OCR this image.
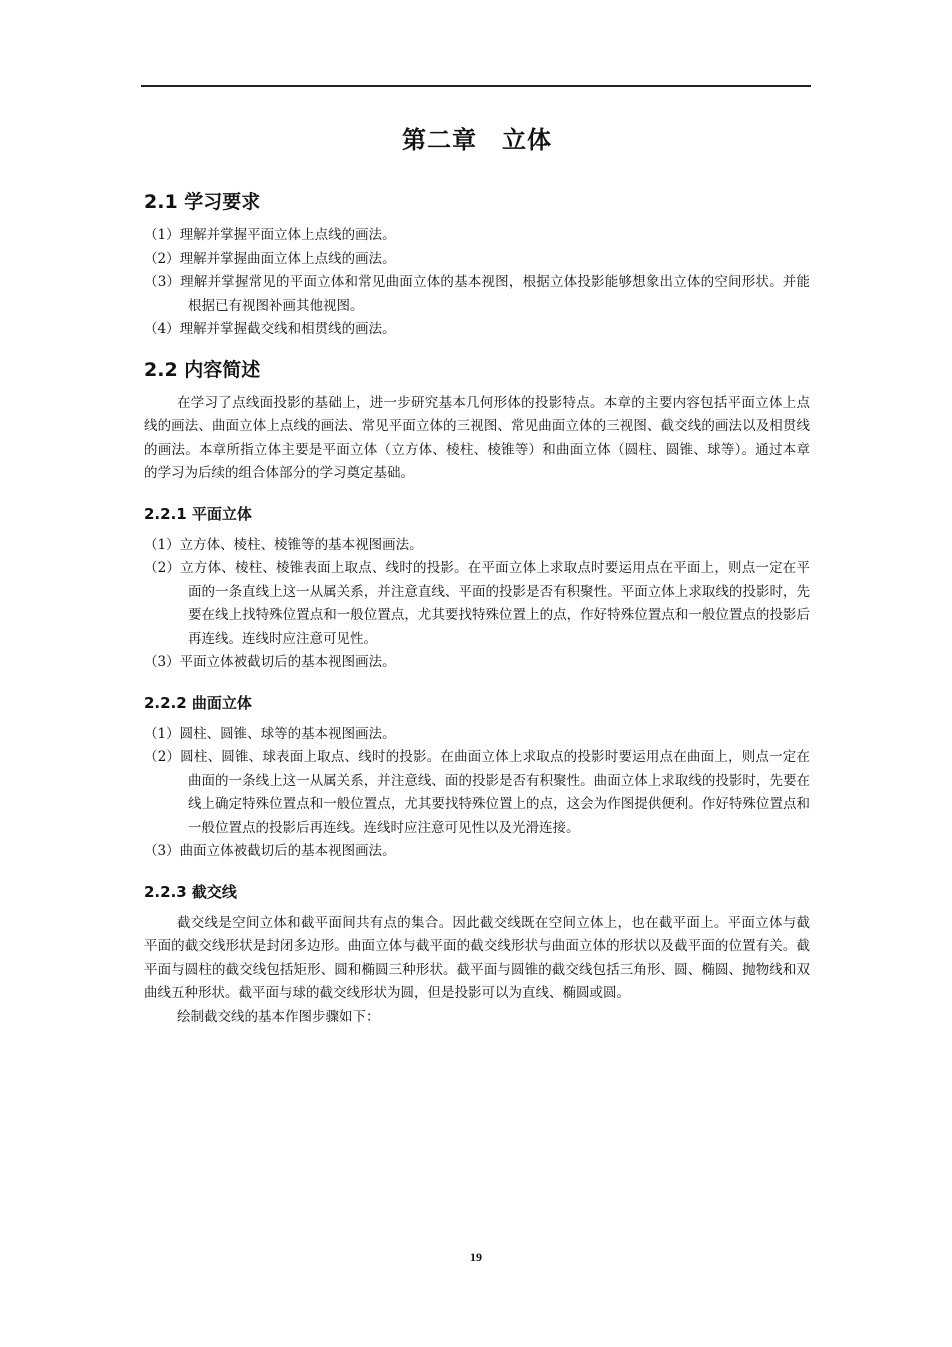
第二章　立体
2.1 学习要求
（1）理解并掌握平面立体上点线的画法。
（2）理解并掌握曲面立体上点线的画法。
（3）理解并掌握常见的平面立体和常见曲面立体的基本视图，根据立体投影能够想象出立体的空间形状。并能根据已有视图补画其他视图。
（4）理解并掌握截交线和相贯线的画法。
2.2 内容简述

在学习了点线面投影的基础上，进一步研究基本几何形体的投影特点。本章的主要内容包括平面立体上点线的画法、曲面立体上点线的画法、常见平面立体的三视图、常见曲面立体的三视图、截交线的画法以及相贯线的画法。本章所指立体主要是平面立体（立方体、棱柱、棱锥等）和曲面立体（圆柱、圆锥、球等）。通过本章的学习为后续的组合体部分的学习奠定基础。

2.2.1 平面立体
（1）立方体、棱柱、棱锥等的基本视图画法。
（2）立方体、棱柱、棱锥表面上取点、线时的投影。在平面立体上求取点时要运用点在平面上，则点一定在平面的一条直线上这一从属关系，并注意直线、平面的投影是否有积聚性。平面立体上求取线的投影时，先要在线上找特殊位置点和一般位置点，尤其要找特殊位置上的点，作好特殊位置点和一般位置点的投影后再连线。连线时应注意可见性。
（3）平面立体被截切后的基本视图画法。
2.2.2 曲面立体
（1）圆柱、圆锥、球等的基本视图画法。
（2）圆柱、圆锥、球表面上取点、线时的投影。在曲面立体上求取点的投影时要运用点在曲面上，则点一定在曲面的一条线上这一从属关系，并注意线、面的投影是否有积聚性。曲面立体上求取线的投影时，先要在线上确定特殊位置点和一般位置点，尤其要找特殊位置上的点，这会为作图提供便利。作好特殊位置点和一般位置点的投影后再连线。连线时应注意可见性以及光滑连接。
（3）曲面立体被截切后的基本视图画法。
2.2.3 截交线

截交线是空间立体和截平面间共有点的集合。因此截交线既在空间立体上，也在截平面上。平面立体与截平面的截交线形状是封闭多边形。曲面立体与截平面的截交线形状与曲面立体的形状以及截平面的位置有关。截平面与圆柱的截交线包括矩形、圆和椭圆三种形状。截平面与圆锥的截交线包括三角形、圆、椭圆、抛物线和双曲线五种形状。截平面与球的截交线形状为圆，但是投影可以为直线、椭圆或圆。

绘制截交线的基本作图步骤如下：

19
